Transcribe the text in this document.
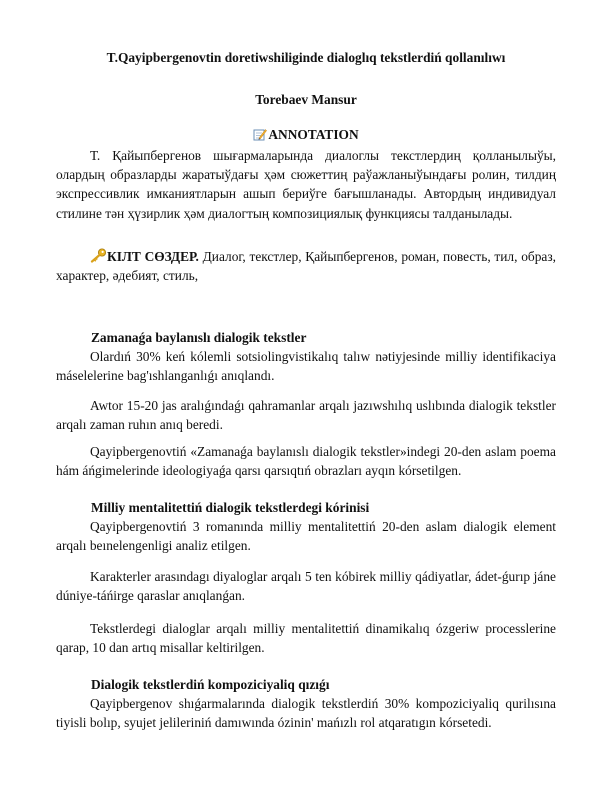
T.Qayipbergenovtin doretiwshiliginde dialoglıq tekstlerdiń qollanılıwı
Torebaev Mansur
ANNOTATION

Т. Қайыпбергенов шығармаларында диалоглы текстлердиң қолланылыўы, олардың образларды жаратыўдағы ҳәм сюжеттиң раўажланыўындағы ролин, тилдиң экспрессивлик имканиятларын ашып бериўге бағышланады. Автордың индивидуал стилине тән ҳүзирлик ҳәм диалогтың композициялық функциясы талданылады.

КІЛТ СӨЗДЕР. Диалог, текстлер, Қайыпбергенов, роман, повесть, тил, образ, характер, әдебият, стиль,

Zamanaǵa baylanıslı dialogik tekstler

Olardıń 30% keń kólemli sotsiolingvistikalıq talıw nətiyjesinde milliy identifikaciya máselelerine bag'ıshlanganlıǵı anıqlandı.

Awtor 15-20 jas aralıǵındaǵı qahramanlar arqalı jazıwshılıq uslıbında dialogik tekstler arqalı zaman ruhın anıq beredi.

Qayipbergenovtiń «Zamanaǵa baylanıslı dialogik tekstler»indegi 20-den aslam poema hám áńgimelerinde ideologiyaǵa qarsı qarsıqtıń obrazları ayqın kórsetilgen.

Milliy mentalitettiń dialogik tekstlerdegi kórinisi

Qayipbergenovtiń 3 romanında milliy mentalitettiń 20-den aslam dialogik element arqalı beınelengenligi analiz etilgen.

Karakterler arasındagı diyaloglar arqalı 5 ten kóbirek milliy qádiyatlar, ádet-ǵurıp jáne dúniye-táńirge qaraslar anıqlanǵan.

Tekstlerdegi dialoglar arqalı milliy mentalitettiń dinamikalıq ózgeriw processlerine qarap, 10 dan artıq misallar keltirilgen.

Dialogik tekstlerdiń kompoziciyaliq qızıǵı

Qayipbergenov shıǵarmalarında dialogik tekstlerdiń 30% kompoziciyaliq qurilısına tiyisli bolıp, syujet jelileriniń damıwında ózinin' mańızlı rol atqaratıgın kórsetedi.
